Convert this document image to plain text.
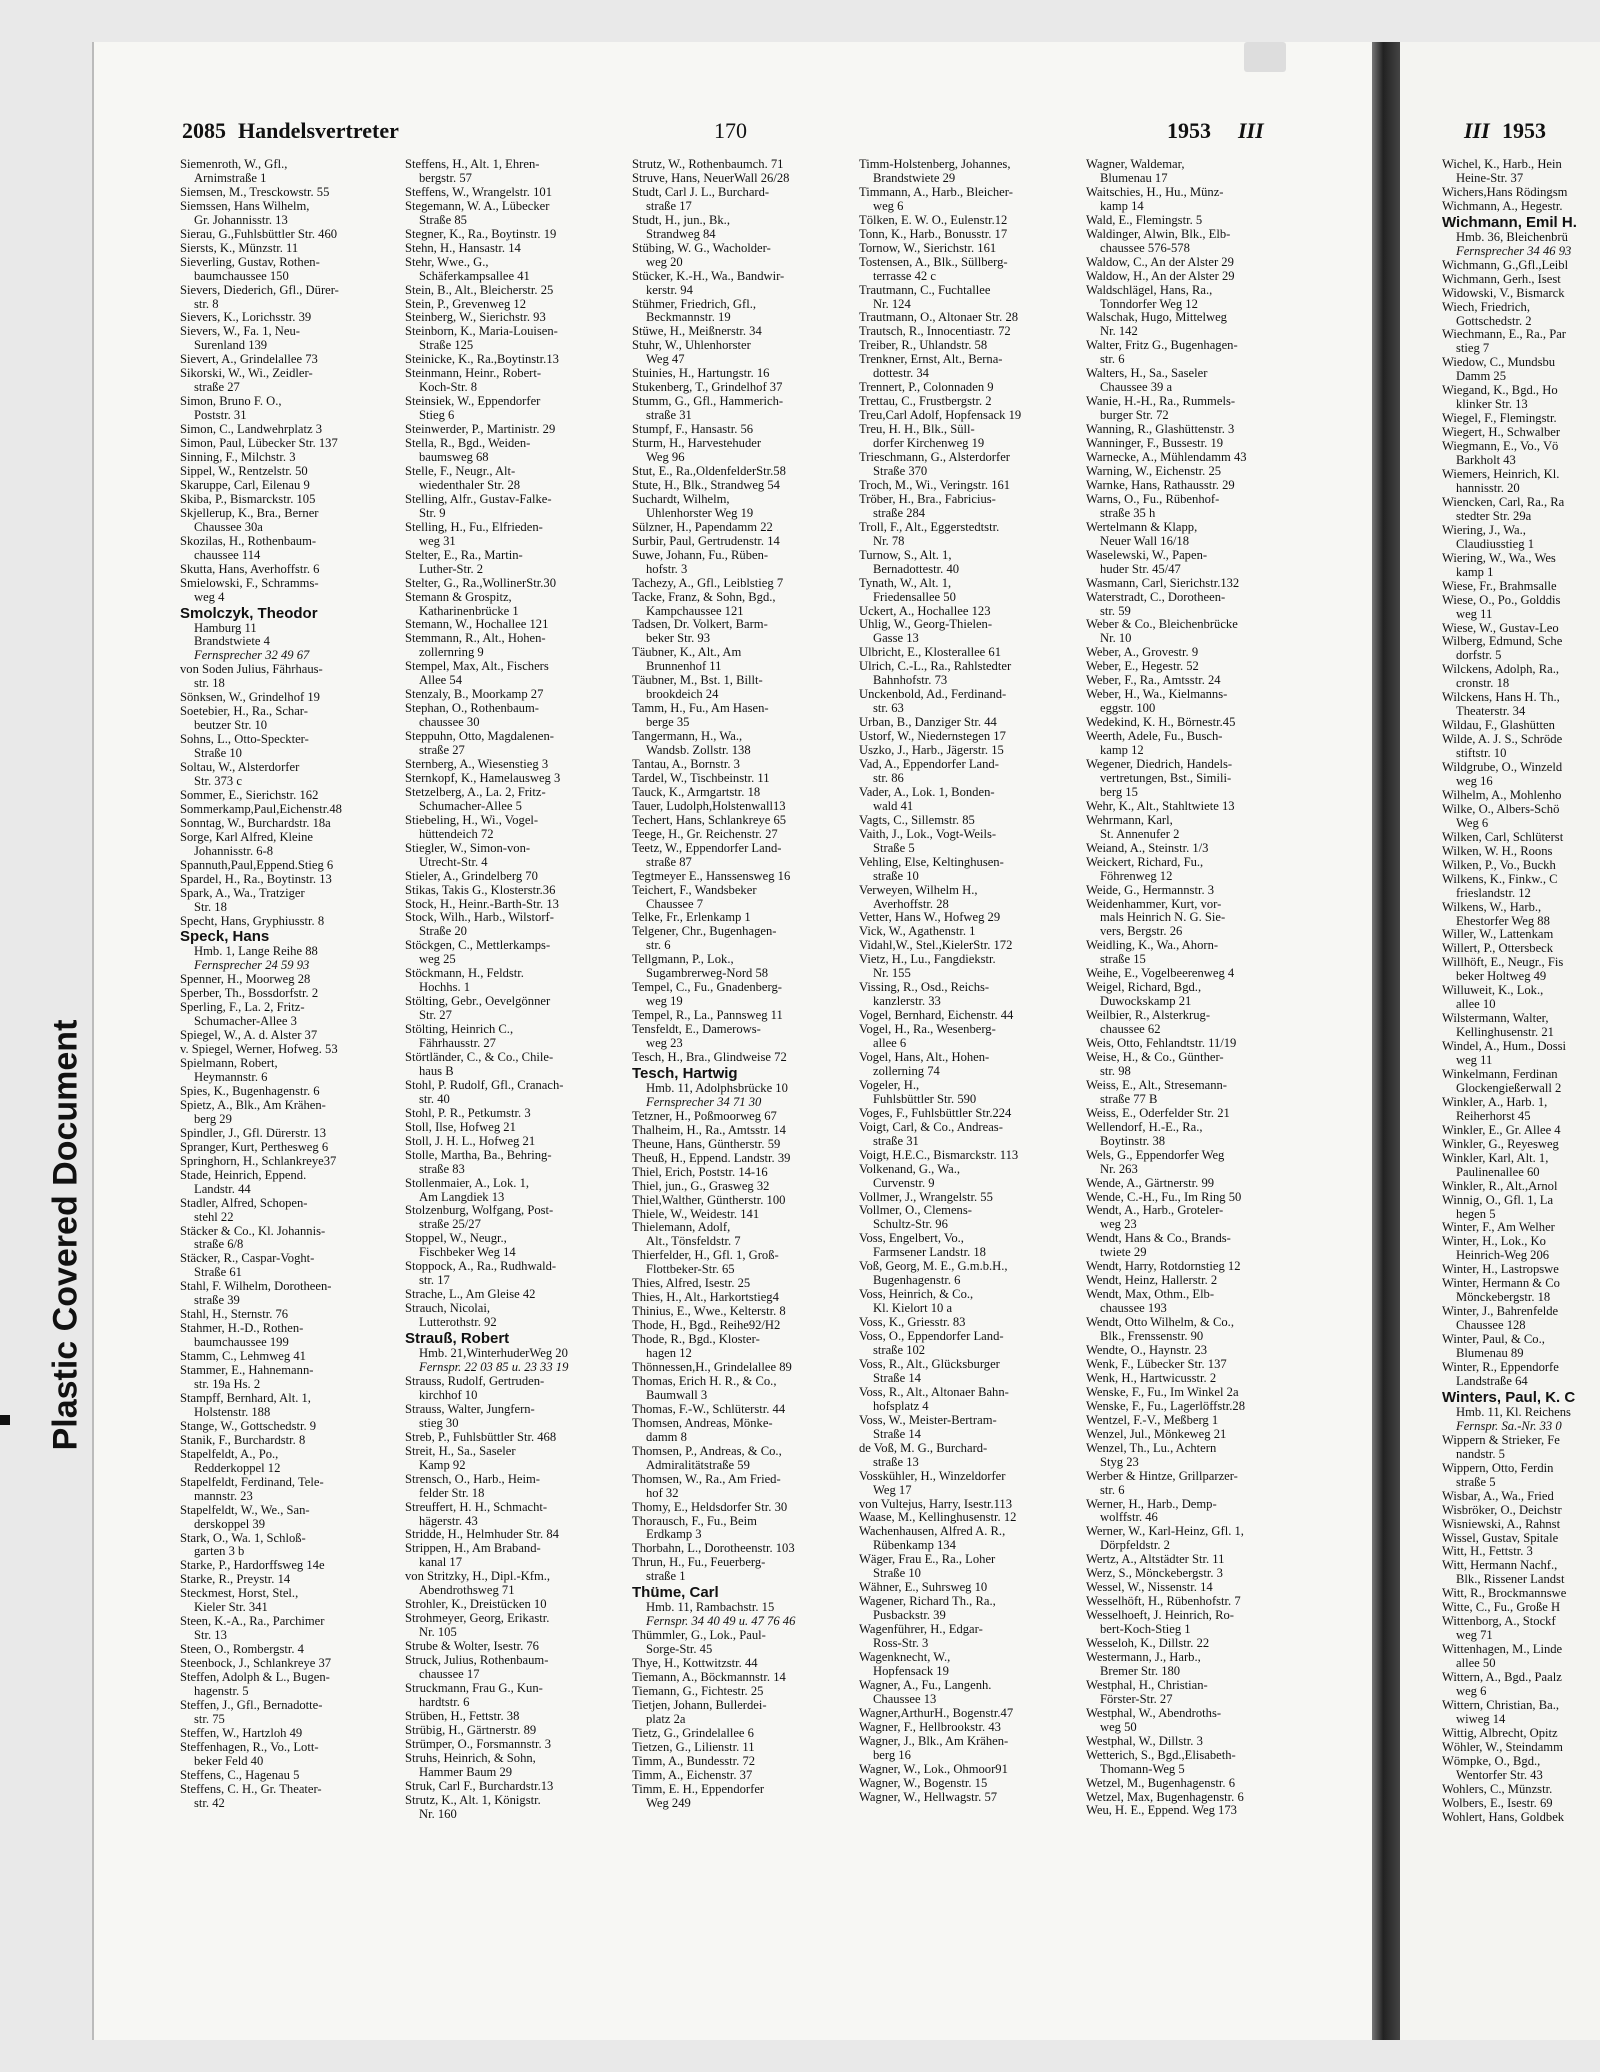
Plastic Covered Document
2085 Handelsvertreter	170	1953 III	III 1953
Siemenroth, W., Gfl.,
Arnimstraße 1
Siemsen, M., Tresckowstr. 55
Siemssen, Hans Wilhelm,
Gr. Johannisstr. 13
Sierau, G.,Fuhlsbüttler Str. 460
Siersts, K., Münzstr. 11
Sieverling, Gustav, Rothen-
baumchaussee 150
Sievers, Diederich, Gfl., Dürer-
str. 8
Sievers, K., Lorichsstr. 39
Sievers, W., Fa. 1, Neu-
Surenland 139
Sievert, A., Grindelallee 73
Sikorski, W., Wi., Zeidler-
straße 27
Simon, Bruno F. O.,
Poststr. 31
Simon, C., Landwehrplatz 3
Simon, Paul, Lübecker Str. 137
Sinning, F., Milchstr. 3
Sippel, W., Rentzelstr. 50
Skaruppe, Carl, Eilenau 9
Skiba, P., Bismarckstr. 105
Skjellerup, K., Bra., Berner
Chaussee 30a
Skozilas, H., Rothenbaum-
chaussee 114
Skutta, Hans, Averhoffstr. 6
Smielowski, F., Schramms-
weg 4
Smolczyk, Theodor
Hamburg 11
Brandstwiete 4
Fernsprecher 32 49 67
von Soden Julius, Fährhaus-
str. 18
Sönksen, W., Grindelhof 19
Soetebier, H., Ra., Schar-
beutzer Str. 10
Sohns, L., Otto-Speckter-
Straße 10
Soltau, W., Alsterdorfer
Str. 373 c
Sommer, E., Sierichstr. 162
Sommerkamp,Paul,Eichenstr.48
Sonntag, W., Burchardstr. 18a
Sorge, Karl Alfred, Kleine
Johannisstr. 6-8
Spannuth,Paul,Eppend.Stieg 6
Spardel, H., Ra., Boytinstr. 13
Spark, A., Wa., Tratziger
Str. 18
Specht, Hans, Gryphiusstr. 8
Speck, Hans
Hmb. 1, Lange Reihe 88
Fernsprecher 24 59 93
Spenner, H., Moorweg 28
Sperber, Th., Bossdorfstr. 2
Sperling, F., La. 2, Fritz-
Schumacher-Allee 3
Spiegel, W., A. d. Alster 37
v. Spiegel, Werner, Hofweg. 53
Spielmann, Robert,
Heymannstr. 6
Spies, K., Bugenhagenstr. 6
Spietz, A., Blk., Am Krähen-
berg 29
Spindler, J., Gfl. Dürerstr. 13
Spranger, Kurt, Perthesweg 6
Springhorn, H., Schlankreye37
Stade, Heinrich, Eppend.
Landstr. 44
Stadler, Alfred, Schopen-
stehl 22
Stäcker & Co., Kl. Johannis-
straße 6/8
Stäcker, R., Caspar-Voght-
Straße 61
Stahl, F. Wilhelm, Dorotheen-
straße 39
Stahl, H., Sternstr. 76
Stahmer, H.-D., Rothen-
baumchaussee 199
Stamm, C., Lehmweg 41
Stammer, E., Hahnemann-
str. 19a Hs. 2
Stampff, Bernhard, Alt. 1,
Holstenstr. 188
Stange, W., Gottschedstr. 9
Stanik, F., Burchardstr. 8
Stapelfeldt, A., Po.,
Redderkoppel 12
Stapelfeldt, Ferdinand, Tele-
mannstr. 23
Stapelfeldt, W., We., San-
derskoppel 39
Stark, O., Wa. 1, Schloß-
garten 3 b
Starke, P., Hardorffsweg 14e
Starke, R., Preystr. 14
Steckmest, Horst, Stel.,
Kieler Str. 341
Steen, K.-A., Ra., Parchimer
Str. 13
Steen, O., Rombergstr. 4
Steenbock, J., Schlankreye 37
Steffen, Adolph & L., Bugen-
hagenstr. 5
Steffen, J., Gfl., Bernadotte-
str. 75
Steffen, W., Hartzloh 49
Steffenhagen, R., Vo., Lott-
beker Feld 40
Steffens, C., Hagenau 5
Steffens, C. H., Gr. Theater-
str. 42
Steffens, H., Alt. 1, Ehren-
bergstr. 57
Steffens, W., Wrangelstr. 101
Stegemann, W. A., Lübecker
Straße 85
Stegner, K., Ra., Boytinstr. 19
Stehn, H., Hansastr. 14
Stehr, Wwe., G.,
Schäferkampsallee 41
Stein, B., Alt., Bleicherstr. 25
Stein, P., Grevenweg 12
Steinberg, W., Sierichstr. 93
Steinborn, K., Maria-Louisen-
Straße 125
Steinicke, K., Ra.,Boytinstr.13
Steinmann, Heinr., Robert-
Koch-Str. 8
Steinsiek, W., Eppendorfer
Stieg 6
Steinwerder, P., Martinistr. 29
Stella, R., Bgd., Weiden-
baumsweg 68
Stelle, F., Neugr., Alt-
wiedenthaler Str. 28
Stelling, Alfr., Gustav-Falke-
Str. 9
Stelling, H., Fu., Elfrieden-
weg 31
Stelter, E., Ra., Martin-
Luther-Str. 2
Stelter, G., Ra.,WollinerStr.30
Stemann & Grospitz,
Katharinenbrücke 1
Stemann, W., Hochallee 121
Stemmann, R., Alt., Hohen-
zollernring 9
Stempel, Max, Alt., Fischers
Allee 54
Stenzaly, B., Moorkamp 27
Stephan, O., Rothenbaum-
chaussee 30
Steppuhn, Otto, Magdalenen-
straße 27
Sternberg, A., Wiesenstieg 3
Sternkopf, K., Hamelausweg 3
Stetzelberg, A., La. 2, Fritz-
Schumacher-Allee 5
Stiebeling, H., Wi., Vogel-
hüttendeich 72
Stiegler, W., Simon-von-
Utrecht-Str. 4
Stieler, A., Grindelberg 70
Stikas, Takis G., Klosterstr.36
Stock, H., Heinr.-Barth-Str. 13
Stock, Wilh., Harb., Wilstorf-
Straße 20
Stöckgen, C., Mettlerkamps-
weg 25
Stöckmann, H., Feldstr.
Hochhs. 1
Stölting, Gebr., Oevelgönner
Str. 27
Stölting, Heinrich C.,
Fährhausstr. 27
Störtländer, C., & Co., Chile-
haus B
Stohl, P. Rudolf, Gfl., Cranach-
str. 40
Stohl, P. R., Petkumstr. 3
Stoll, Ilse, Hofweg 21
Stoll, J. H. L., Hofweg 21
Stolle, Martha, Ba., Behring-
straße 83
Stollenmaier, A., Lok. 1,
Am Langdiek 13
Stolzenburg, Wolfgang, Post-
straße 25/27
Stoppel, W., Neugr.,
Fischbeker Weg 14
Stoppock, A., Ra., Rudhwald-
str. 17
Strache, L., Am Gleise 42
Strauch, Nicolai,
Lutterothstr. 92
Strauß, Robert
Hmb. 21,WinterhuderWeg 20
Fernspr. 22 03 85 u. 23 33 19
Strauss, Rudolf, Gertruden-
kirchhof 10
Strauss, Walter, Jungfern-
stieg 30
Streb, P., Fuhlsbüttler Str. 468
Streit, H., Sa., Saseler
Kamp 92
Strensch, O., Harb., Heim-
felder Str. 18
Streuffert, H. H., Schmacht-
hägerstr. 43
Stridde, H., Helmhuder Str. 84
Strippen, H., Am Braband-
kanal 17
von Stritzky, H., Dipl.-Kfm.,
Abendrothsweg 71
Strohler, K., Dreistücken 10
Strohmeyer, Georg, Erikastr.
Nr. 105
Strube & Wolter, Isestr. 76
Struck, Julius, Rothenbaum-
chaussee 17
Struckmann, Frau G., Kun-
hardtstr. 6
Strüben, H., Fettstr. 38
Strübig, H., Gärtnerstr. 89
Strümper, O., Forsmannstr. 3
Struhs, Heinrich, & Sohn,
Hammer Baum 29
Struk, Carl F., Burchardstr.13
Strutz, K., Alt. 1, Königstr.
Nr. 160
Strutz, W., Rothenbaumch. 71
Struve, Hans, NeuerWall 26/28
Studt, Carl J. L., Burchard-
straße 17
Studt, H., jun., Bk.,
Strandweg 84
Stübing, W. G., Wacholder-
weg 20
Stücker, K.-H., Wa., Bandwir-
kerstr. 94
Stühmer, Friedrich, Gfl.,
Beckmannstr. 19
Stüwe, H., Meißnerstr. 34
Stuhr, W., Uhlenhorster
Weg 47
Stuinies, H., Hartungstr. 16
Stukenberg, T., Grindelhof 37
Stumm, G., Gfl., Hammerich-
straße 31
Stumpf, F., Hansastr. 56
Sturm, H., Harvestehuder
Weg 96
Stut, E., Ra.,OldenfelderStr.58
Stute, H., Blk., Strandweg 54
Suchardt, Wilhelm,
Uhlenhorster Weg 19
Sülzner, H., Papendamm 22
Surbir, Paul, Gertrudenstr. 14
Suwe, Johann, Fu., Rüben-
hofstr. 3
Tachezy, A., Gfl., Leiblstieg 7
Tacke, Franz, & Sohn, Bgd.,
Kampchaussee 121
Tadsen, Dr. Volkert, Barm-
beker Str. 93
Täubner, K., Alt., Am
Brunnenhof 11
Täubner, M., Bst. 1, Billt-
brookdeich 24
Tamm, H., Fu., Am Hasen-
berge 35
Tangermann, H., Wa.,
Wandsb. Zollstr. 138
Tantau, A., Bornstr. 3
Tardel, W., Tischbeinstr. 11
Tauck, K., Armgartstr. 18
Tauer, Ludolph,Holstenwall13
Techert, Hans, Schlankreye 65
Teege, H., Gr. Reichenstr. 27
Teetz, W., Eppendorfer Land-
straße 87
Tegtmeyer E., Hanssensweg 16
Teichert, F., Wandsbeker
Chaussee 7
Telke, Fr., Erlenkamp 1
Telgener, Chr., Bugenhagen-
str. 6
Tellgmann, P., Lok.,
Sugambrerweg-Nord 58
Tempel, C., Fu., Gnadenberg-
weg 19
Tempel, R., La., Pannsweg 11
Tensfeldt, E., Damerows-
weg 23
Tesch, H., Bra., Glindweise 72
Tesch, Hartwig
Hmb. 11, Adolphsbrücke 10
Fernsprecher 34 71 30
Tetzner, H., Poßmoorweg 67
Thalheim, H., Ra., Amtsstr. 14
Theune, Hans, Güntherstr. 59
Theuß, H., Eppend. Landstr. 39
Thiel, Erich, Poststr. 14-16
Thiel, jun., G., Grasweg 32
Thiel,Walther, Güntherstr. 100
Thiele, W., Weidestr. 141
Thielemann, Adolf,
Alt., Tönsfeldstr. 7
Thierfelder, H., Gfl. 1, Groß-
Flottbeker-Str. 65
Thies, Alfred, Isestr. 25
Thies, H., Alt., Harkortstieg4
Thinius, E., Wwe., Kelterstr. 8
Thode, H., Bgd., Reihe92/H2
Thode, R., Bgd., Kloster-
hagen 12
Thönnessen,H., Grindelallee 89
Thomas, Erich H. R., & Co.,
Baumwall 3
Thomas, F.-W., Schlüterstr. 44
Thomsen, Andreas, Mönke-
damm 8
Thomsen, P., Andreas, & Co.,
Admiralitätstraße 59
Thomsen, W., Ra., Am Fried-
hof 32
Thomy, E., Heldsdorfer Str. 30
Thorausch, F., Fu., Beim
Erdkamp 3
Thorbahn, L., Dorotheenstr. 103
Thrun, H., Fu., Feuerberg-
straße 1
Thüme, Carl
Hmb. 11, Rambachstr. 15
Fernspr. 34 40 49 u. 47 76 46
Thümmler, G., Lok., Paul-
Sorge-Str. 45
Thye, H., Kottwitzstr. 44
Tiemann, A., Böckmannstr. 14
Tiemann, G., Fichtestr. 25
Tietjen, Johann, Bullerdei-
platz 2a
Tietz, G., Grindelallee 6
Tietzen, G., Lilienstr. 11
Timm, A., Bundesstr. 72
Timm, A., Eichenstr. 37
Timm, E. H., Eppendorfer
Weg 249
Timm-Holstenberg, Johannes,
Brandstwiete 29
Timmann, A., Harb., Bleicher-
weg 6
Tölken, E. W. O., Eulenstr.12
Tonn, K., Harb., Bonusstr. 17
Tornow, W., Sierichstr. 161
Tostensen, A., Blk., Süllberg-
terrasse 42 c
Trautmann, C., Fuchtallee
Nr. 124
Trautmann, O., Altonaer Str. 28
Trautsch, R., Innocentiastr. 72
Treiber, R., Uhlandstr. 58
Trenkner, Ernst, Alt., Berna-
dottestr. 34
Trennert, P., Colonnaden 9
Trettau, C., Frustbergstr. 2
Treu,Carl Adolf, Hopfensack 19
Treu, H. H., Blk., Süll-
dorfer Kirchenweg 19
Trieschmann, G., Alsterdorfer
Straße 370
Troch, M., Wi., Veringstr. 161
Tröber, H., Bra., Fabricius-
straße 284
Troll, F., Alt., Eggerstedtstr.
Nr. 78
Turnow, S., Alt. 1,
Bernadottestr. 40
Tynath, W., Alt. 1,
Friedensallee 50
Uckert, A., Hochallee 123
Uhlig, W., Georg-Thielen-
Gasse 13
Ulbricht, E., Klosterallee 61
Ulrich, C.-L., Ra., Rahlstedter
Bahnhofstr. 73
Unckenbold, Ad., Ferdinand-
str. 63
Urban, B., Danziger Str. 44
Ustorf, W., Niedernstegen 17
Uszko, J., Harb., Jägerstr. 15
Vad, A., Eppendorfer Land-
str. 86
Vader, A., Lok. 1, Bonden-
wald 41
Vagts, C., Sillemstr. 85
Vaith, J., Lok., Vogt-Weils-
Straße 5
Vehling, Else, Keltinghusen-
straße 10
Verweyen, Wilhelm H.,
Averhoffstr. 28
Vetter, Hans W., Hofweg 29
Vick, W., Agathenstr. 1
Vidahl,W., Stel.,KielerStr. 172
Vietz, H., Lu., Fangdiekstr.
Nr. 155
Vissing, R., Osd., Reichs-
kanzlerstr. 33
Vogel, Bernhard, Eichenstr. 44
Vogel, H., Ra., Wesenberg-
allee 6
Vogel, Hans, Alt., Hohen-
zollerning 74
Vogeler, H.,
Fuhlsbüttler Str. 590
Voges, F., Fuhlsbüttler Str.224
Voigt, Carl, & Co., Andreas-
straße 31
Voigt, H.E.C., Bismarckstr. 113
Volkenand, G., Wa.,
Curvenstr. 9
Vollmer, J., Wrangelstr. 55
Vollmer, O., Clemens-
Schultz-Str. 96
Voss, Engelbert, Vo.,
Farmsener Landstr. 18
Voß, Georg, M. E., G.m.b.H.,
Bugenhagenstr. 6
Voss, Heinrich, & Co.,
Kl. Kielort 10 a
Voss, K., Griesstr. 83
Voss, O., Eppendorfer Land-
straße 102
Voss, R., Alt., Glücksburger
Straße 14
Voss, R., Alt., Altonaer Bahn-
hofsplatz 4
Voss, W., Meister-Bertram-
Straße 14
de Voß, M. G., Burchard-
straße 13
Vosskühler, H., Winzeldorfer
Weg 17
von Vultejus, Harry, Isestr.113
Waase, M., Kellinghusenstr. 12
Wachenhausen, Alfred A. R.,
Rübenkamp 134
Wäger, Frau E., Ra., Loher
Straße 10
Wähner, E., Suhrsweg 10
Wagener, Richard Th., Ra.,
Pusbackstr. 39
Wagenführer, H., Edgar-
Ross-Str. 3
Wagenknecht, W.,
Hopfensack 19
Wagner, A., Fu., Langenh.
Chaussee 13
Wagner,ArthurH., Bogenstr.47
Wagner, F., Hellbrookstr. 43
Wagner, J., Blk., Am Krähen-
berg 16
Wagner, W., Lok., Ohmoor91
Wagner, W., Bogenstr. 15
Wagner, W., Hellwagstr. 57
Wagner, Waldemar,
Blumenau 17
Waitschies, H., Hu., Münz-
kamp 14
Wald, E., Flemingstr. 5
Waldinger, Alwin, Blk., Elb-
chaussee 576-578
Waldow, C., An der Alster 29
Waldow, H., An der Alster 29
Waldschlägel, Hans, Ra.,
Tonndorfer Weg 12
Walschak, Hugo, Mittelweg
Nr. 142
Walter, Fritz G., Bugenhagen-
str. 6
Walters, H., Sa., Saseler
Chaussee 39 a
Wanie, H.-H., Ra., Rummels-
burger Str. 72
Wanning, R., Glashüttenstr. 3
Wanninger, F., Bussestr. 19
Warnecke, A., Mühlendamm 43
Warning, W., Eichenstr. 25
Warnke, Hans, Rathausstr. 29
Warns, O., Fu., Rübenhof-
straße 35 h
Wertelmann & Klapp,
Neuer Wall 16/18
Waselewski, W., Papen-
huder Str. 45/47
Wasmann, Carl, Sierichstr.132
Waterstradt, C., Dorotheen-
str. 59
Weber & Co., Bleichenbrücke
Nr. 10
Weber, A., Grovestr. 9
Weber, E., Hegestr. 52
Weber, F., Ra., Amtsstr. 24
Weber, H., Wa., Kielmanns-
eggstr. 100
Wedekind, K. H., Börnestr.45
Weerth, Adele, Fu., Busch-
kamp 12
Wegener, Diedrich, Handels-
vertretungen, Bst., Simili-
berg 15
Wehr, K., Alt., Stahltwiete 13
Wehrmann, Karl,
St. Annenufer 2
Weiand, A., Steinstr. 1/3
Weickert, Richard, Fu.,
Föhrenweg 12
Weide, G., Hermannstr. 3
Weidenhammer, Kurt, vor-
mals Heinrich N. G. Sie-
vers, Bergstr. 26
Weidling, K., Wa., Ahorn-
straße 15
Weihe, E., Vogelbeerenweg 4
Weigel, Richard, Bgd.,
Duwockskamp 21
Weilbier, R., Alsterkrug-
chaussee 62
Weis, Otto, Fehlandtstr. 11/19
Weise, H., & Co., Günther-
str. 98
Weiss, E., Alt., Stresemann-
straße 77 B
Weiss, E., Oderfelder Str. 21
Wellendorf, H.-E., Ra.,
Boytinstr. 38
Wels, G., Eppendorfer Weg
Nr. 263
Wende, A., Gärtnerstr. 99
Wende, C.-H., Fu., Im Ring 50
Wendt, A., Harb., Groteler-
weg 23
Wendt, Hans & Co., Brands-
twiete 29
Wendt, Harry, Rotdornstieg 12
Wendt, Heinz, Hallerstr. 2
Wendt, Max, Othm., Elb-
chaussee 193
Wendt, Otto Wilhelm, & Co.,
Blk., Frenssenstr. 90
Wendte, O., Haynstr. 23
Wenk, F., Lübecker Str. 137
Wenk, H., Hartwicusstr. 2
Wenske, F., Fu., Im Winkel 2a
Wenske, F., Fu., Lagerlöffstr.28
Wentzel, F.-V., Meßberg 1
Wenzel, Jul., Mönkeweg 21
Wenzel, Th., Lu., Achtern
Styg 23
Werber & Hintze, Grillparzer-
str. 6
Werner, H., Harb., Demp-
wolffstr. 46
Werner, W., Karl-Heinz, Gfl. 1,
Dörpfeldstr. 2
Wertz, A., Altstädter Str. 11
Werz, S., Mönckebergstr. 3
Wessel, W., Nissenstr. 14
Wesselhöft, H., Rübenhofstr. 7
Wesselhoeft, J. Heinrich, Ro-
bert-Koch-Stieg 1
Wesseloh, K., Dillstr. 22
Westermann, J., Harb.,
Bremer Str. 180
Westphal, H., Christian-
Förster-Str. 27
Westphal, W., Abendroths-
weg 50
Westphal, W., Dillstr. 3
Wetterich, S., Bgd.,Elisabeth-
Thomann-Weg 5
Wetzel, M., Bugenhagenstr. 6
Wetzel, Max, Bugenhagenstr. 6
Weu, H. E., Eppend. Weg 173
Wichel, K., Harb., Hein
Heine-Str. 37
Wichers,Hans Rödingsm
Wichmann, A., Hegestr.
Wichmann, Emil H.
Hmb. 36, Bleichenbrü
Fernsprecher 34 46 93
Wichmann, G.,Gfl.,Leibl
Wichmann, Gerh., Isest
Widowski, V., Bismarck
Wiech, Friedrich,
Gottschedstr. 2
Wiechmann, E., Ra., Par
stieg 7
Wiedow, C., Mundsbu
Damm 25
Wiegand, K., Bgd., Ho
klinker Str. 13
Wiegel, F., Flemingstr.
Wiegert, H., Schwalber
Wiegmann, E., Vo., Vö
Barkholt 43
Wiemers, Heinrich, Kl.
hannisstr. 20
Wiencken, Carl, Ra., Ra
stedter Str. 29a
Wiering, J., Wa.,
Claudiusstieg 1
Wiering, W., Wa., Wes
kamp 1
Wiese, Fr., Brahmsalle
Wiese, O., Po., Golddis
weg 11
Wiese, W., Gustav-Leo
Wilberg, Edmund, Sche
dorfstr. 5
Wilckens, Adolph, Ra.,
cronstr. 18
Wilckens, Hans H. Th.,
Theaterstr. 34
Wildau, F., Glashütten
Wilde, A. J. S., Schröde
stiftstr. 10
Wildgrube, O., Winzeld
weg 16
Wilhelm, A., Mohlenho
Wilke, O., Albers-Schö
Weg 6
Wilken, Carl, Schlüterst
Wilken, W. H., Roons
Wilken, P., Vo., Buckh
Wilkens, K., Finkw., C
frieslandstr. 12
Wilkens, W., Harb.,
Ehestorfer Weg 88
Willer, W., Lattenkam
Willert, P., Ottersbeck
Willhöft, E., Neugr., Fis
beker Holtweg 49
Willuweit, K., Lok.,
allee 10
Wilstermann, Walter,
Kellinghusenstr. 21
Windel, A., Hum., Dossi
weg 11
Winkelmann, Ferdinan
Glockengießerwall 2
Winkler, A., Harb. 1,
Reiherhorst 45
Winkler, E., Gr. Allee 4
Winkler, G., Reyesweg
Winkler, Karl, Alt. 1,
Paulinenallee 60
Winkler, R., Alt.,Arnol
Winnig, O., Gfl. 1, La
hegen 5
Winter, F., Am Welher
Winter, H., Lok., Ko
Heinrich-Weg 206
Winter, H., Lastropswe
Winter, Hermann & Co
Mönckebergstr. 18
Winter, J., Bahrenfelde
Chaussee 128
Winter, Paul, & Co.,
Blumenau 89
Winter, R., Eppendorfe
Landstraße 64
Winters, Paul, K. C
Hmb. 11, Kl. Reichens
Fernspr. Sa.-Nr. 33 0
Wippern & Strieker, Fe
nandstr. 5
Wippern, Otto, Ferdin
straße 5
Wisbar, A., Wa., Fried
Wisbröker, O., Deichstr
Wisniewski, A., Rahnst
Wissel, Gustav, Spitale
Witt, H., Fettstr. 3
Witt, Hermann Nachf.,
Blk., Rissener Landst
Witt, R., Brockmannswe
Witte, C., Fu., Große H
Wittenborg, A., Stockf
weg 71
Wittenhagen, M., Linde
allee 50
Wittern, A., Bgd., Paalz
weg 6
Wittern, Christian, Ba.,
wiweg 14
Wittig, Albrecht, Opitz
Wöhler, W., Steindamm
Wömpke, O., Bgd.,
Wentorfer Str. 43
Wohlers, C., Münzstr.
Wolbers, E., Isestr. 69
Wohlert, Hans, Goldbek
